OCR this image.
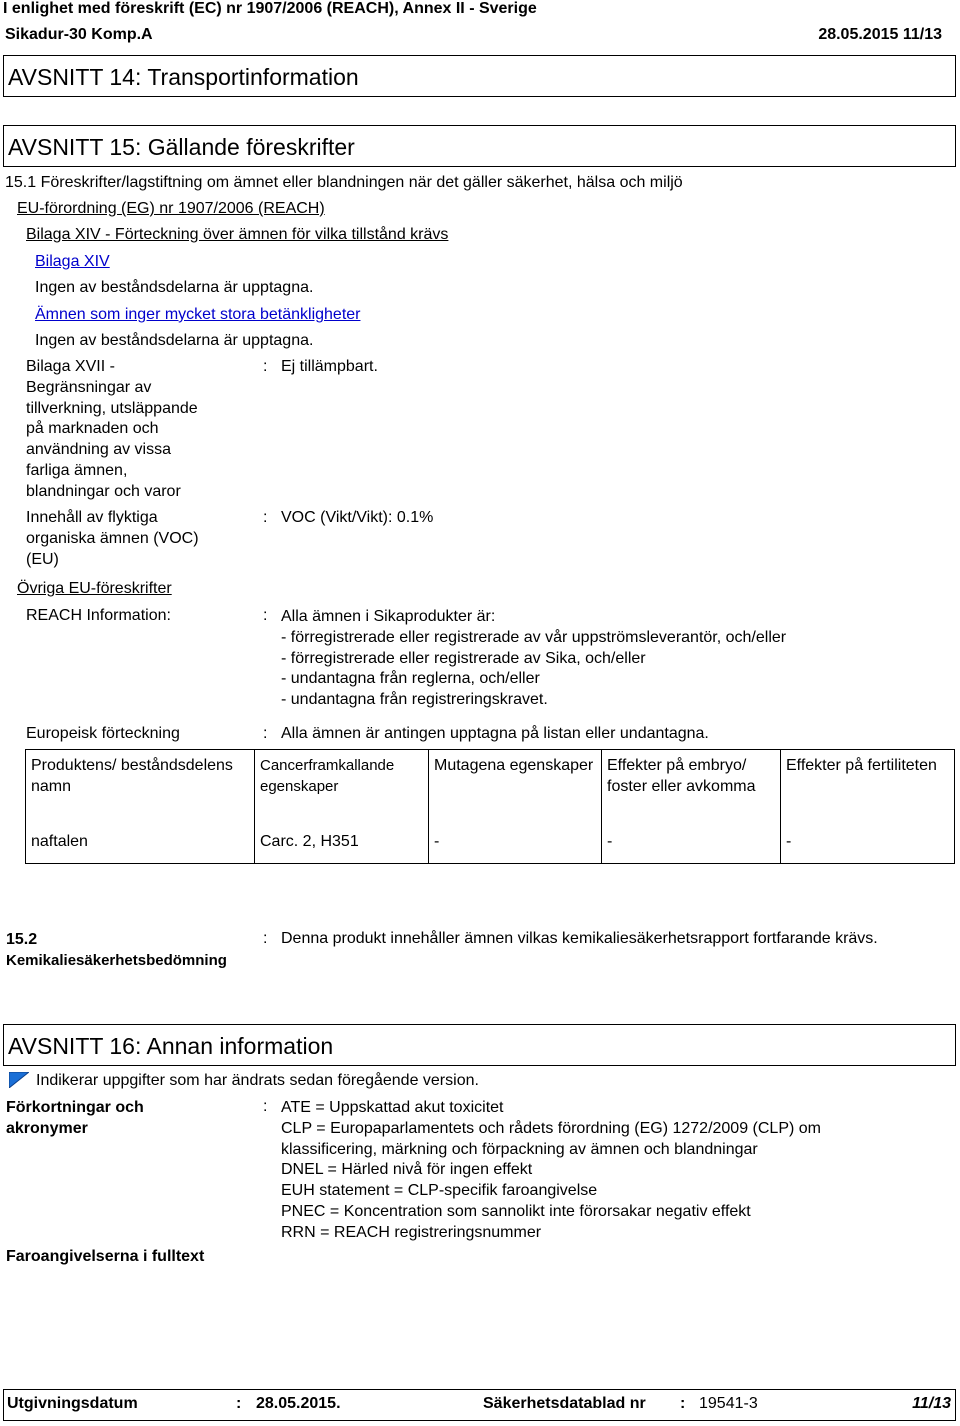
I enlighet med föreskrift (EC) nr 1907/2006 (REACH), Annex II - Sverige
Sikadur-30 Komp.A	28.05.2015 11/13
AVSNITT 14: Transportinformation
AVSNITT 15: Gällande föreskrifter
15.1 Föreskrifter/lagstiftning om ämnet eller blandningen när det gäller säkerhet, hälsa och miljö
EU-förordning (EG) nr 1907/2006 (REACH)
Bilaga XIV - Förteckning över ämnen för vilka tillstånd krävs
Bilaga XIV
Ingen av beståndsdelarna är upptagna.
Ämnen som inger mycket stora betänkligheter
Ingen av beståndsdelarna är upptagna.
Bilaga XVII -
Begränsningar av
tillverkning, utsläppande
på marknaden och
användning av vissa
farliga ämnen,
blandningar och varor
: Ej tillämpbart.
Innehåll av flyktiga
organiska ämnen (VOC)
(EU)
: VOC (Vikt/Vikt): 0.1%
Övriga EU-föreskrifter
REACH Information:	: Alla ämnen i Sikaprodukter är:
- förregistrerade eller registrerade av vår uppströmsleverantör, och/eller
- förregistrerade eller registrerade av Sika, och/eller
- undantagna från reglerna, och/eller
- undantagna från registreringskravet.
Europeisk förteckning	: Alla ämnen är antingen upptagna på listan eller undantagna.
Produktens/ beståndsdelens namn	Cancerframkallande egenskaper	Mutagena egenskaper	Effekter på embryo/ foster eller avkomma	Effekter på fertiliteten
naftalen	Carc. 2, H351	-	-	-
15.2
Kemikaliesäkerhetsbedömning
: Denna produkt innehåller ämnen vilkas kemikaliesäkerhetsrapport fortfarande krävs.
AVSNITT 16: Annan information
Indikerar uppgifter som har ändrats sedan föregående version.
Förkortningar och
akronymer
: ATE = Uppskattad akut toxicitet
CLP = Europaparlamentets och rådets förordning (EG) 1272/2009 (CLP) om
klassificering, märkning och förpackning av ämnen och blandningar
DNEL = Härled nivå för ingen effekt
EUH statement = CLP-specifik faroangivelse
PNEC = Koncentration som sannolikt inte förorsakar negativ effekt
RRN = REACH registreringsnummer
Faroangivelserna i fulltext
Utgivningsdatum	: 28.05.2015.	Säkerhetsdatablad nr : 19541-3	11/13
